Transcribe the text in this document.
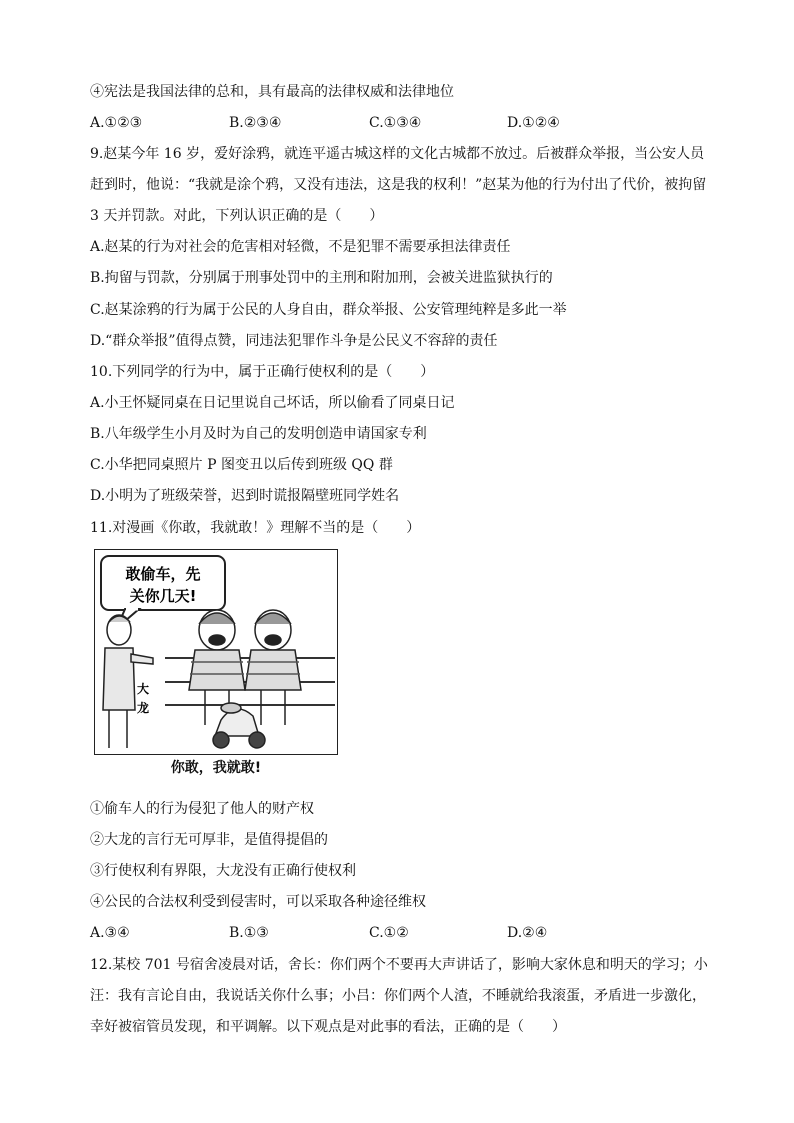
④宪法是我国法律的总和，具有最高的法律权威和法律地位
A.①②③	B.②③④	C.①③④	D.①②④
9.赵某今年 16 岁，爱好涂鸦，就连平遥古城这样的文化古城都不放过。后被群众举报，当公安人员
赶到时，他说：“我就是涂个鸦，又没有违法，这是我的权利！”赵某为他的行为付出了代价，被拘留
3 天并罚款。对此，下列认识正确的是（　　）
A.赵某的行为对社会的危害相对轻微，不是犯罪不需要承担法律责任
B.拘留与罚款，分别属于刑事处罚中的主刑和附加刑，会被关进监狱执行的
C.赵某涂鸦的行为属于公民的人身自由，群众举报、公安管理纯粹是多此一举
D.“群众举报”值得点赞，同违法犯罪作斗争是公民义不容辞的责任
10.下列同学的行为中，属于正确行使权利的是（　　）
A.小王怀疑同桌在日记里说自己坏话，所以偷看了同桌日记
B.八年级学生小月及时为自己的发明创造申请国家专利
C.小华把同桌照片 P 图变丑以后传到班级 QQ 群
D.小明为了班级荣誉，迟到时谎报隔壁班同学姓名
11.对漫画《你敢，我就敢！》理解不当的是（　　）
敢偷车，先
关你几天!
大
龙
你敢，我就敢!
①偷车人的行为侵犯了他人的财产权
②大龙的言行无可厚非，是值得提倡的
③行使权利有界限，大龙没有正确行使权利
④公民的合法权利受到侵害时，可以采取各种途径维权
A.③④	B.①③	C.①②	D.②④
12.某校 701 号宿舍凌晨对话，舍长：你们两个不要再大声讲话了，影响大家休息和明天的学习；小
汪：我有言论自由，我说话关你什么事；小吕：你们两个人渣，不睡就给我滚蛋，矛盾进一步激化，
幸好被宿管员发现，和平调解。以下观点是对此事的看法，正确的是（　　）
